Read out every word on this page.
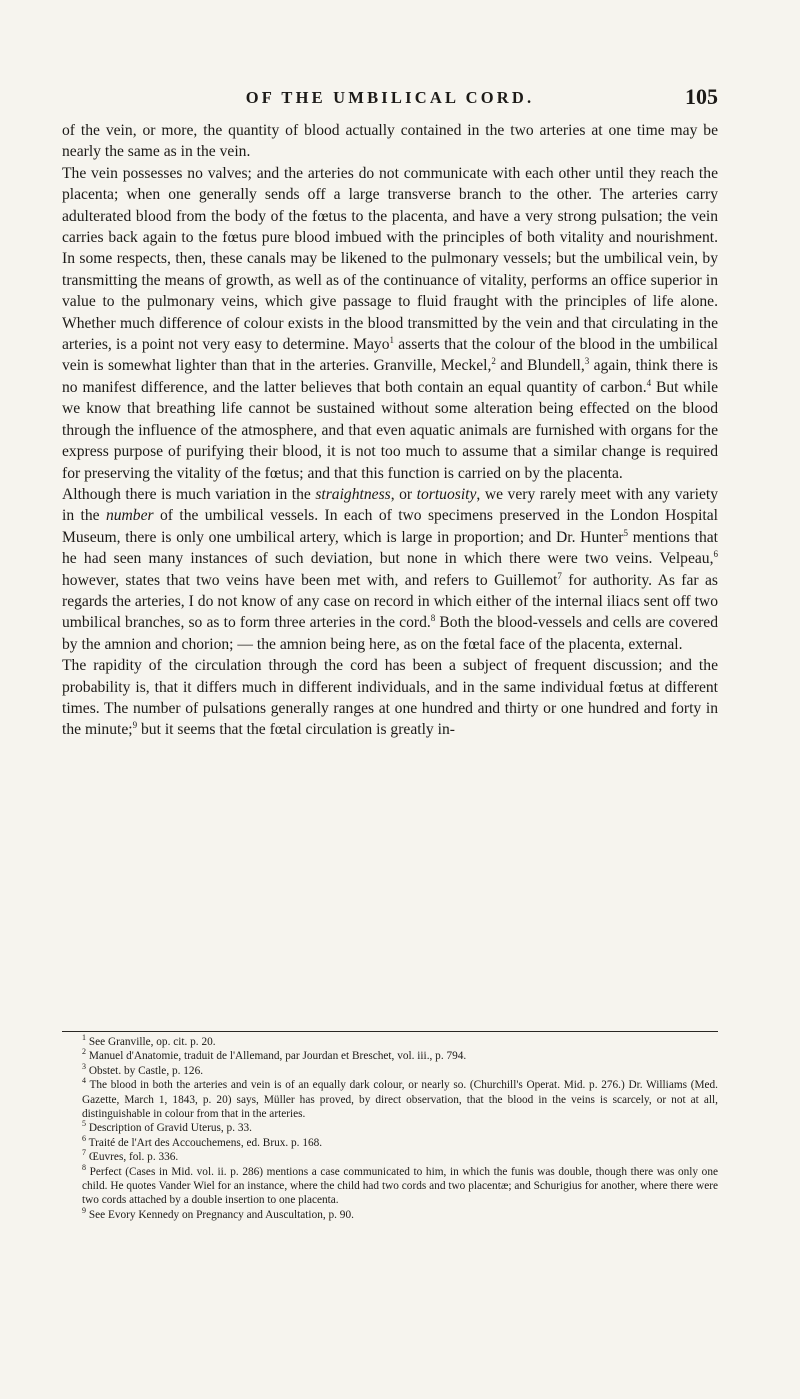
OF THE UMBILICAL CORD.	105

of the vein, or more, the quantity of blood actually contained in the two arteries at one time may be nearly the same as in the vein.

The vein possesses no valves; and the arteries do not communicate with each other until they reach the placenta; when one generally sends off a large transverse branch to the other. The arteries carry adulterated blood from the body of the fœtus to the placenta, and have a very strong pulsation; the vein carries back again to the fœtus pure blood imbued with the principles of both vitality and nourishment. In some respects, then, these canals may be likened to the pulmonary vessels; but the umbilical vein, by transmitting the means of growth, as well as of the continuance of vitality, performs an office superior in value to the pulmonary veins, which give passage to fluid fraught with the principles of life alone. Whether much difference of colour exists in the blood transmitted by the vein and that circulating in the arteries, is a point not very easy to determine. Mayo$^1$ asserts that the colour of the blood in the umbilical vein is somewhat lighter than that in the arteries. Granville, Meckel,$^2$ and Blundell,$^3$ again, think there is no manifest difference, and the latter believes that both contain an equal quantity of carbon.$^4$ But while we know that breathing life cannot be sustained without some alteration being effected on the blood through the influence of the atmosphere, and that even aquatic animals are furnished with organs for the express purpose of purifying their blood, it is not too much to assume that a similar change is required for preserving the vitality of the fœtus; and that this function is carried on by the placenta.

Although there is much variation in the straightness, or tortuosity, we very rarely meet with any variety in the number of the umbilical vessels. In each of two specimens preserved in the London Hospital Museum, there is only one umbilical artery, which is large in proportion; and Dr. Hunter$^5$ mentions that he had seen many instances of such deviation, but none in which there were two veins. Velpeau,$^6$ however, states that two veins have been met with, and refers to Guillemot$^7$ for authority. As far as regards the arteries, I do not know of any case on record in which either of the internal iliacs sent off two umbilical branches, so as to form three arteries in the cord.$^8$ Both the blood-vessels and cells are covered by the amnion and chorion; — the amnion being here, as on the fœtal face of the placenta, external.

The rapidity of the circulation through the cord has been a subject of frequent discussion; and the probability is, that it differs much in different individuals, and in the same individual fœtus at different times. The number of pulsations generally ranges at one hundred and thirty or one hundred and forty in the minute;$^9$ but it seems that the fœtal circulation is greatly in-

$^1$ See Granville, op. cit. p. 20.

$^2$ Manuel d'Anatomie, traduit de l'Allemand, par Jourdan et Breschet, vol. iii., p. 794.

$^3$ Obstet. by Castle, p. 126.

$^4$ The blood in both the arteries and vein is of an equally dark colour, or nearly so. (Churchill's Operat. Mid. p. 276.) Dr. Williams (Med. Gazette, March 1, 1843, p. 20) says, Müller has proved, by direct observation, that the blood in the veins is scarcely, or not at all, distinguishable in colour from that in the arteries.

$^5$ Description of Gravid Uterus, p. 33.

$^6$ Traité de l'Art des Accouchemens, ed. Brux. p. 168.

$^7$ Œuvres, fol. p. 336.

$^8$ Perfect (Cases in Mid. vol. ii. p. 286) mentions a case communicated to him, in which the funis was double, though there was only one child. He quotes Vander Wiel for an instance, where the child had two cords and two placentæ; and Schurigius for another, where there were two cords attached by a double insertion to one placenta.

$^9$ See Evory Kennedy on Pregnancy and Auscultation, p. 90.
